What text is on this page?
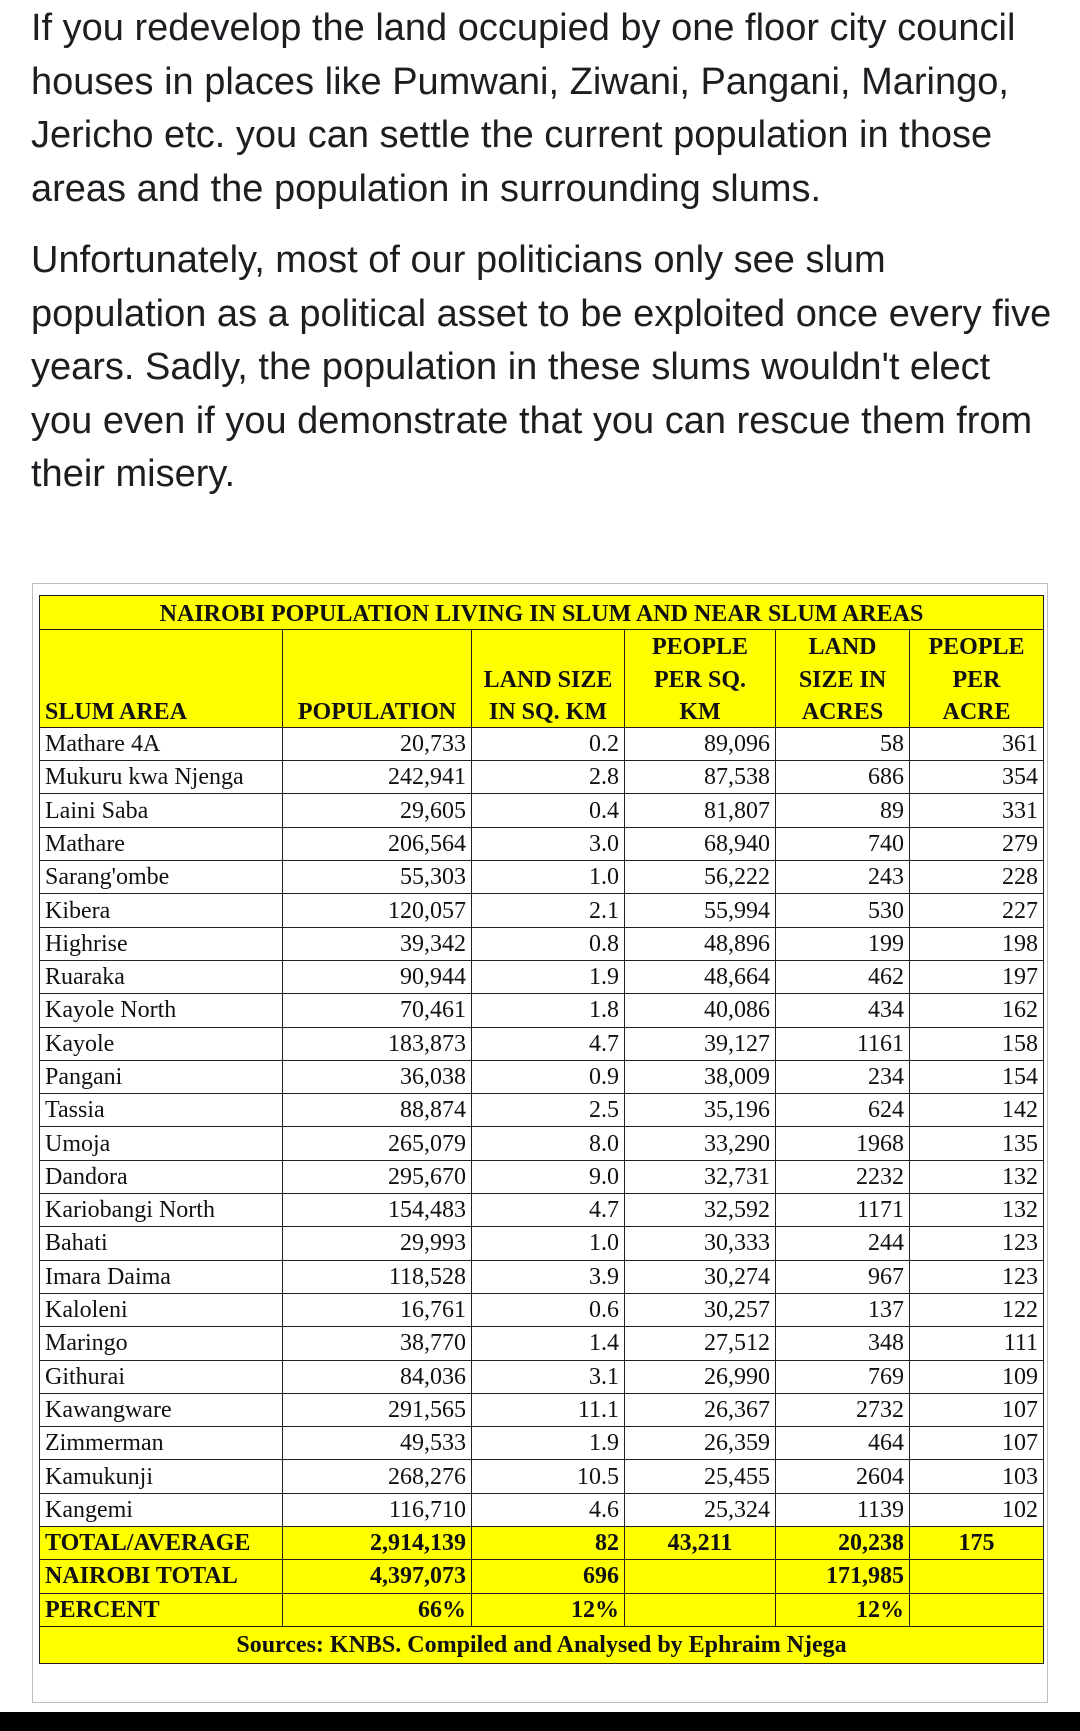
If you redevelop the land occupied by one floor city council houses in places like Pumwani, Ziwani, Pangani, Maringo, Jericho etc. you can settle the current population in those areas and the population in surrounding slums.

Unfortunately, most of our politicians only see slum population as a political asset to be exploited once every five years. Sadly, the population in these slums wouldn't elect you even if you demonstrate that you can rescue them from their misery.

NAIROBI POPULATION LIVING IN SLUM AND NEAR SLUM AREAS					
			PEOPLE	LAND	PEOPLE
		LAND SIZE	PER SQ.	SIZE IN	PER
SLUM AREA	POPULATION	IN SQ. KM	KM	ACRES	ACRE
Mathare 4A	20,733	0.2	89,096	58	361
Mukuru kwa Njenga	242,941	2.8	87,538	686	354
Laini Saba	29,605	0.4	81,807	89	331
Mathare	206,564	3.0	68,940	740	279
Sarang'ombe	55,303	1.0	56,222	243	228
Kibera	120,057	2.1	55,994	530	227
Highrise	39,342	0.8	48,896	199	198
Ruaraka	90,944	1.9	48,664	462	197
Kayole North	70,461	1.8	40,086	434	162
Kayole	183,873	4.7	39,127	1161	158
Pangani	36,038	0.9	38,009	234	154
Tassia	88,874	2.5	35,196	624	142
Umoja	265,079	8.0	33,290	1968	135
Dandora	295,670	9.0	32,731	2232	132
Kariobangi North	154,483	4.7	32,592	1171	132
Bahati	29,993	1.0	30,333	244	123
Imara Daima	118,528	3.9	30,274	967	123
Kaloleni	16,761	0.6	30,257	137	122
Maringo	38,770	1.4	27,512	348	111
Githurai	84,036	3.1	26,990	769	109
Kawangware	291,565	11.1	26,367	2732	107
Zimmerman	49,533	1.9	26,359	464	107
Kamukunji	268,276	10.5	25,455	2604	103
Kangemi	116,710	4.6	25,324	1139	102
TOTAL/AVERAGE	2,914,139	82	43,211	20,238	175
NAIROBI TOTAL	4,397,073	696		171,985	
PERCENT	66%	12%		12%	
Sources: KNBS. Compiled and Analysed by Ephraim Njega					
